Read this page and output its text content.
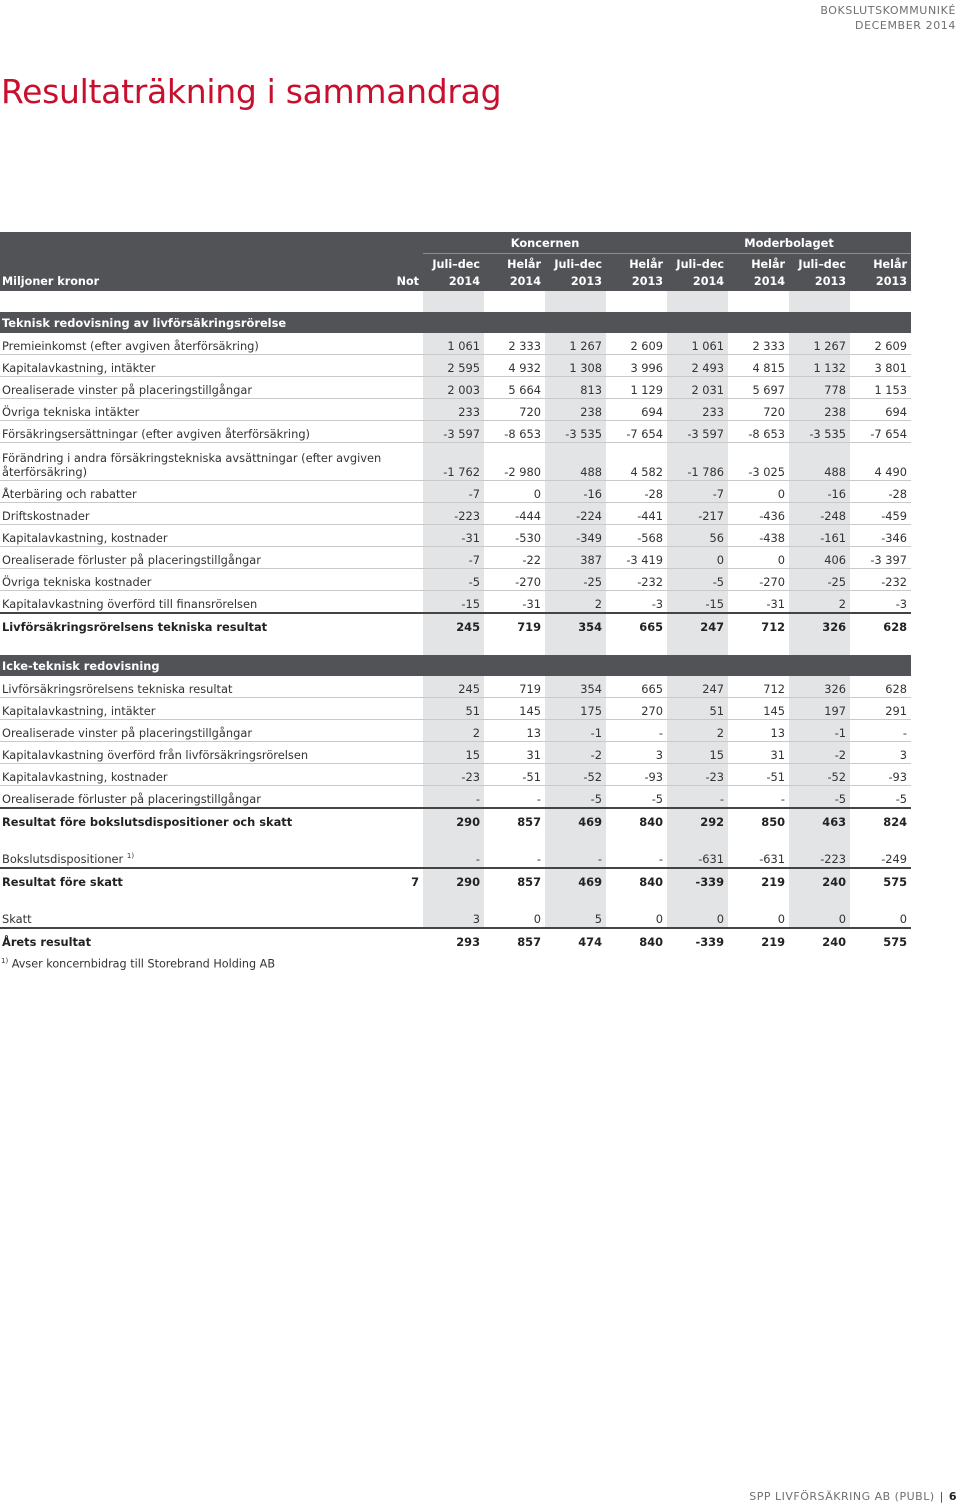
BOKSLUTSKOMMUNIKÉ
DECEMBER 2014
Resultaträkning i sammandrag
		Koncernen				Moderbolaget			
		Juli–dec	Helår	Juli–dec	Helår	Juli–dec	Helår	Juli–dec	Helår
Miljoner kronor	Not	2014	2014	2013	2013	2014	2014	2013	2013

Teknisk redovisning av livförsäkringsrörelse									
Premieinkomst (efter avgiven återförsäkring)		1 061	2 333	1 267	2 609	1 061	2 333	1 267	2 609
Kapitalavkastning, intäkter		2 595	4 932	1 308	3 996	2 493	4 815	1 132	3 801
Orealiserade vinster på placeringstillgångar		2 003	5 664	813	1 129	2 031	5 697	778	1 153
Övriga tekniska intäkter		233	720	238	694	233	720	238	694
Försäkringsersättningar (efter avgiven återförsäkring)		-3 597	-8 653	-3 535	-7 654	-3 597	-8 653	-3 535	-7 654
Förändring i andra försäkringstekniska avsättningar (efter avgiven återförsäkring)		-1 762	-2 980	488	4 582	-1 786	-3 025	488	4 490
Återbäring och rabatter		-7	0	-16	-28	-7	0	-16	-28
Driftskostnader		-223	-444	-224	-441	-217	-436	-248	-459
Kapitalavkastning, kostnader		-31	-530	-349	-568	56	-438	-161	-346
Orealiserade förluster på placeringstillgångar		-7	-22	387	-3 419	0	0	406	-3 397
Övriga tekniska kostnader		-5	-270	-25	-232	-5	-270	-25	-232
Kapitalavkastning överförd till finansrörelsen		-15	-31	2	-3	-15	-31	2	-3
Livförsäkringsrörelsens tekniska resultat		245	719	354	665	247	712	326	628

Icke-teknisk redovisning									
Livförsäkringsrörelsens tekniska resultat		245	719	354	665	247	712	326	628
Kapitalavkastning, intäkter		51	145	175	270	51	145	197	291
Orealiserade vinster på placeringstillgångar		2	13	-1	-	2	13	-1	-
Kapitalavkastning överförd från livförsäkringsrörelsen		15	31	-2	3	15	31	-2	3
Kapitalavkastning, kostnader		-23	-51	-52	-93	-23	-51	-52	-93
Orealiserade förluster på placeringstillgångar		-	-	-5	-5	-	-	-5	-5
Resultat före bokslutsdispositioner och skatt		290	857	469	840	292	850	463	824

Bokslutsdispositioner $^{1)}$		-	-	-	-	-631	-631	-223	-249
Resultat före skatt	7	290	857	469	840	-339	219	240	575

Skatt		3	0	5	0	0	0	0	0
Årets resultat		293	857	474	840	-339	219	240	575
$^{1)}$ Avser koncernbidrag till Storebrand Holding AB
SPP LIVFÖRSÄKRING AB (PUBL) | 6
